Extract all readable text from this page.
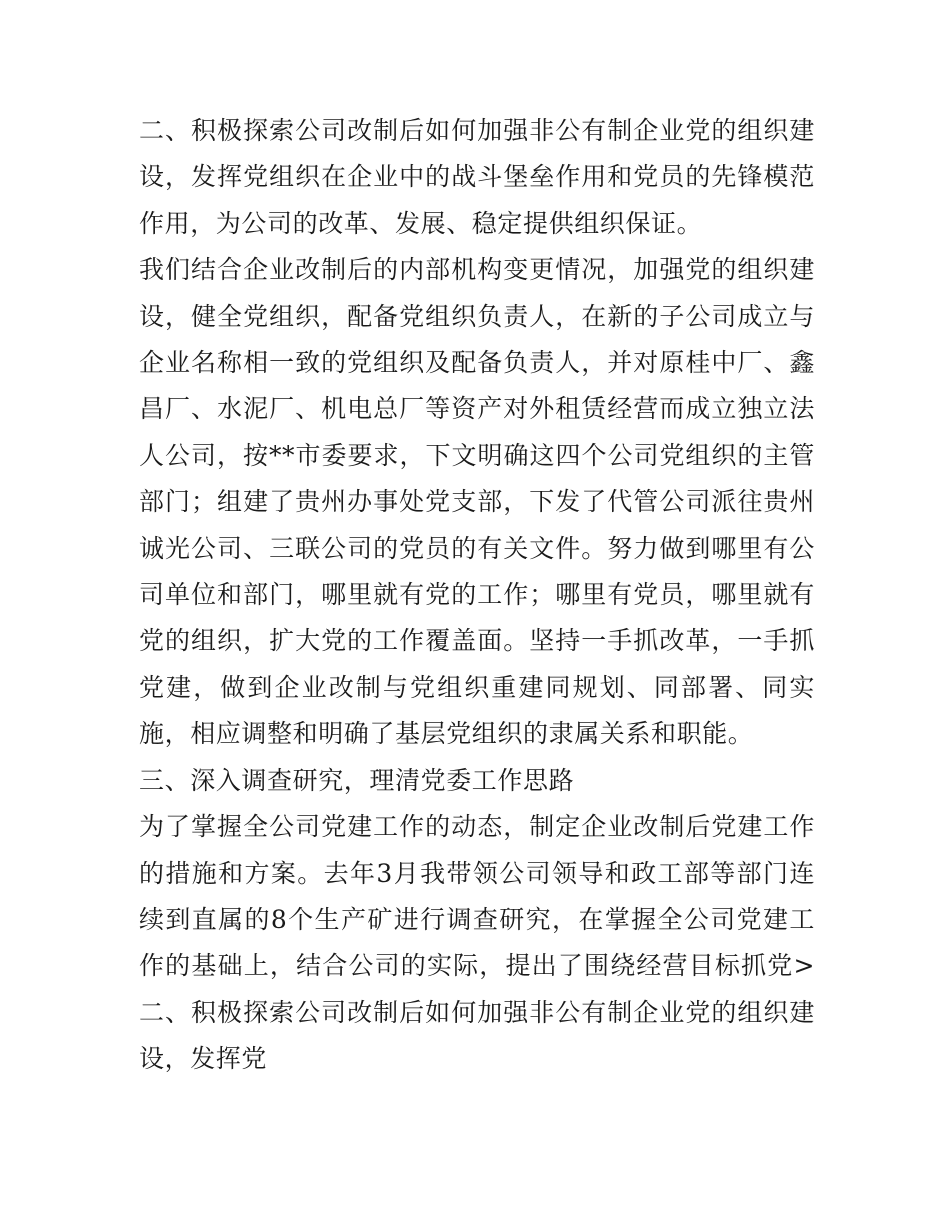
二、积极探索公司改制后如何加强非公有制企业党的组织建设，发挥党组织在企业中的战斗堡垒作用和党员的先锋模范作用，为公司的改革、发展、稳定提供组织保证。

我们结合企业改制后的内部机构变更情况，加强党的组织建设，健全党组织，配备党组织负责人，在新的子公司成立与企业名称相一致的党组织及配备负责人，并对原桂中厂、鑫昌厂、水泥厂、机电总厂等资产对外租赁经营而成立独立法人公司，按**市委要求，下文明确这四个公司党组织的主管部门；组建了贵州办事处党支部，下发了代管公司派往贵州诚光公司、三联公司的党员的有关文件。努力做到哪里有公司单位和部门，哪里就有党的工作；哪里有党员，哪里就有党的组织，扩大党的工作覆盖面。坚持一手抓改革，一手抓党建，做到企业改制与党组织重建同规划、同部署、同实施，相应调整和明确了基层党组织的隶属关系和职能。

三、深入调查研究，理清党委工作思路

为了掌握全公司党建工作的动态，制定企业改制后党建工作的措施和方案。去年3月我带领公司领导和政工部等部门连续到直属的8个生产矿进行调查研究，在掌握全公司党建工作的基础上，结合公司的实际，提出了围绕经营目标抓党>二、积极探索公司改制后如何加强非公有制企业党的组织建设，发挥党
